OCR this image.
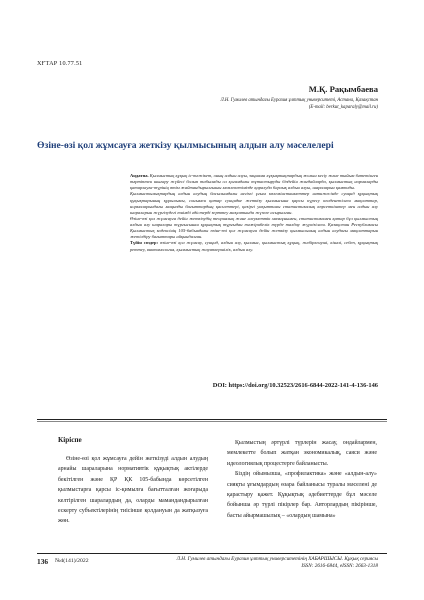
ХҒТАР 10.77.51
М.Қ. Рақымбаева
Л.Н. Гумилев атындағы Еуразия ұлттық университеті, Астана, Қазақстан
(E-mail: berkut_kaparaly@mail.ru)
Өзіне-өзі қол жұмсауға жеткізу қылмысының алдын алу мәселелері

Аңдатпа. Қылмыстық құқық іс-тәжікет, оның алдын алуы, заңнама хұқықтықтардың жолын кесіу және тыйым бәтетінген тәртіптен шығару жүйесі болып табылады ол қоғамдағы тұтастыруды біздейін жағдайларда, қылмыстық нормаларды қатарлауға-түрінің өтім жайтандырылғышы мемлекетімізде қаралуда барлық алдын алуы, шараларын қамтиды.

Қылмыстылықтардың алдын алудың басылымдағы негізгі ұғым көлемінстанметтер нәтижесінде суицид құқықтық құқықтарының құрылымы, сонымен қатар суицидке жеткізу қылмысына қарсы күресу көлденетілген мақсаттар, нормаларындағы маңызды бағыттардың қасиеттері, қазіргі уақыттағы статистикалық көрсеткіштер мен алдын алу шараларын жүргізудегі тиімді әдістерді зерттеу мақсатында жүзеге асырылған.

Өзіне-өзі қол жұмсауға дейін жеткізудің теориялық және әлеуметтік мазмұнымен, статистикамен қатар бұл қылмыстың алдын алу шаралары тұрғысынан құқықтық тұрғыдан тәжірибелік түрде талдау жүргізілген. Қазақстан Республикасы Қылмыстық кодексінің 105-бабындағы өзіне-өзі қол жұмсауға дейін жеткізу қылмысының алдын алудағы мақсаттарын жетілдіру бағыттары айқындалған.

Түйін сөздер: өзіне-өзі қол жұмсау, суицид, алдын алу, қылмыс, қылмыстық құқық, жәбірленуші, кінәлі, себеп, құқықтық реттеу, виктимология, қылмыстық жауапкершілік, алдын алу.

DOI: https://doi.org/10.32523/2616-6844-2022-141-4-136-146
Кіріспе

Өзіне-өзі қол жұмсауға дейін жеткізуді алдын алудың арнайы шараларына нормативтік құқықтық актілерде бекітілген және ҚР ҚК 105-бабында көрсетілген қылмыстарға қарсы іс-қимылға бағытталған жоғарыда келтірілген шаралардың да, оларды мамандандырылған ескерту субъектілерінің тиісінше қолдануын да жатқызуға жөн.

Қылмыстың әртүрлі түрлерін жасау, ондайлармен, мемлекетте болып жатқан экономикалық, саяси және идеологиялық процестерге байланысты.

Біздің ойымызша, «профилактика» және «алдын-алу» сияқты ұғымдардың өзара байланысы туралы мәселені де қарастыру қажет. Құқықтық әдебиеттерде бұл мәселе бойынша әр түрлі пікірлер бар. Авторлардың пікірінше, басты айырмашылық – «олардың шамына»

136 №4(141)/2022	Л.Н. Гумилев атындағы Еуразия ұлттық университетінің ХАБАРШЫСЫ. Құқық сериясы
ISSN: 2616-6844, eISSN: 2663-1318
